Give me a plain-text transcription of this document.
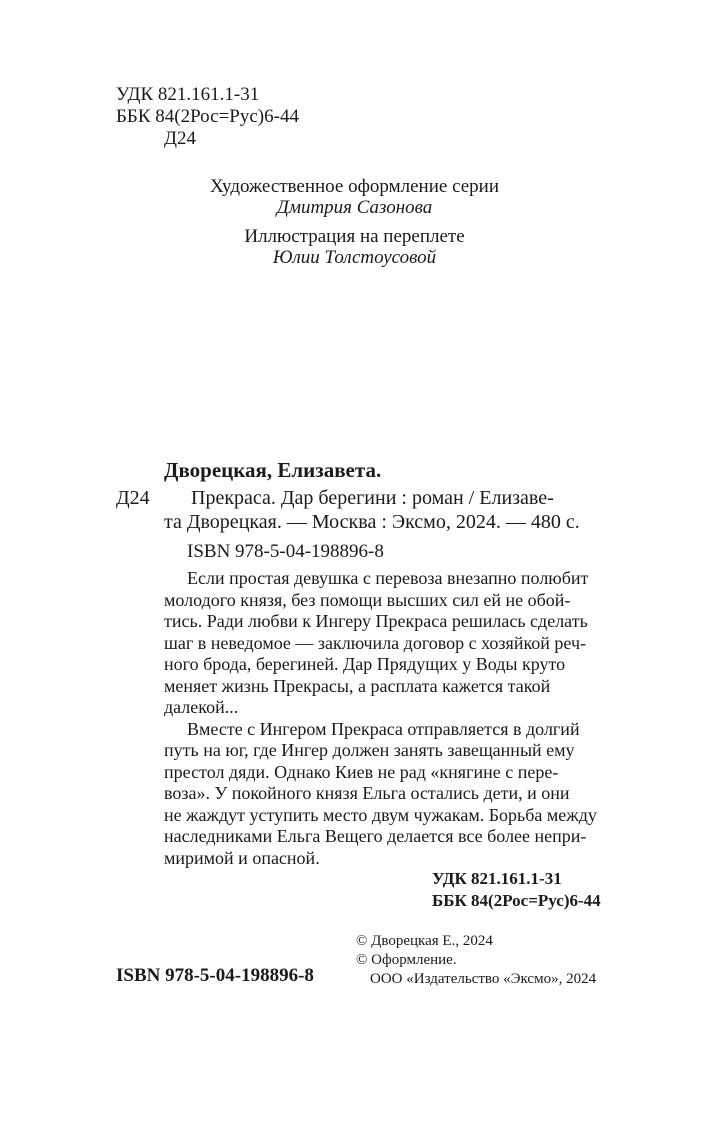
УДК 821.161.1-31
ББК 84(2Рос=Рус)6-44
Д24
Художественное оформление серии
Дмитрия Сазонова
Иллюстрация на переплете
Юлии Толстоусовой
Дворецкая, Елизавета.
Д24 Прекраса. Дар берегини : роман / Елизаве-
та Дворецкая. — Москва : Эксмо, 2024. — 480 с.
ISBN 978-5-04-198896-8
Если простая девушка с перевоза внезапно полюбит
молодого князя, без помощи высших сил ей не обой-
тись. Ради любви к Ингеру Прекраса решилась сделать
шаг в неведомое — заключила договор с хозяйкой реч-
ного брода, берегиней. Дар Прядущих у Воды круто
меняет жизнь Прекрасы, а расплата кажется такой
далекой...
Вместе с Ингером Прекраса отправляется в долгий
путь на юг, где Ингер должен занять завещанный ему
престол дяди. Однако Киев не рад «княгине с пере-
воза». У покойного князя Ельга остались дети, и они
не жаждут уступить место двум чужакам. Борьба между
наследниками Ельга Вещего делается все более непри-
миримой и опасной.
УДК 821.161.1-31
ББК 84(2Рос=Рус)6-44
© Дворецкая Е., 2024
© Оформление.
ООО «Издательство «Эксмо», 2024
ISBN 978-5-04-198896-8
